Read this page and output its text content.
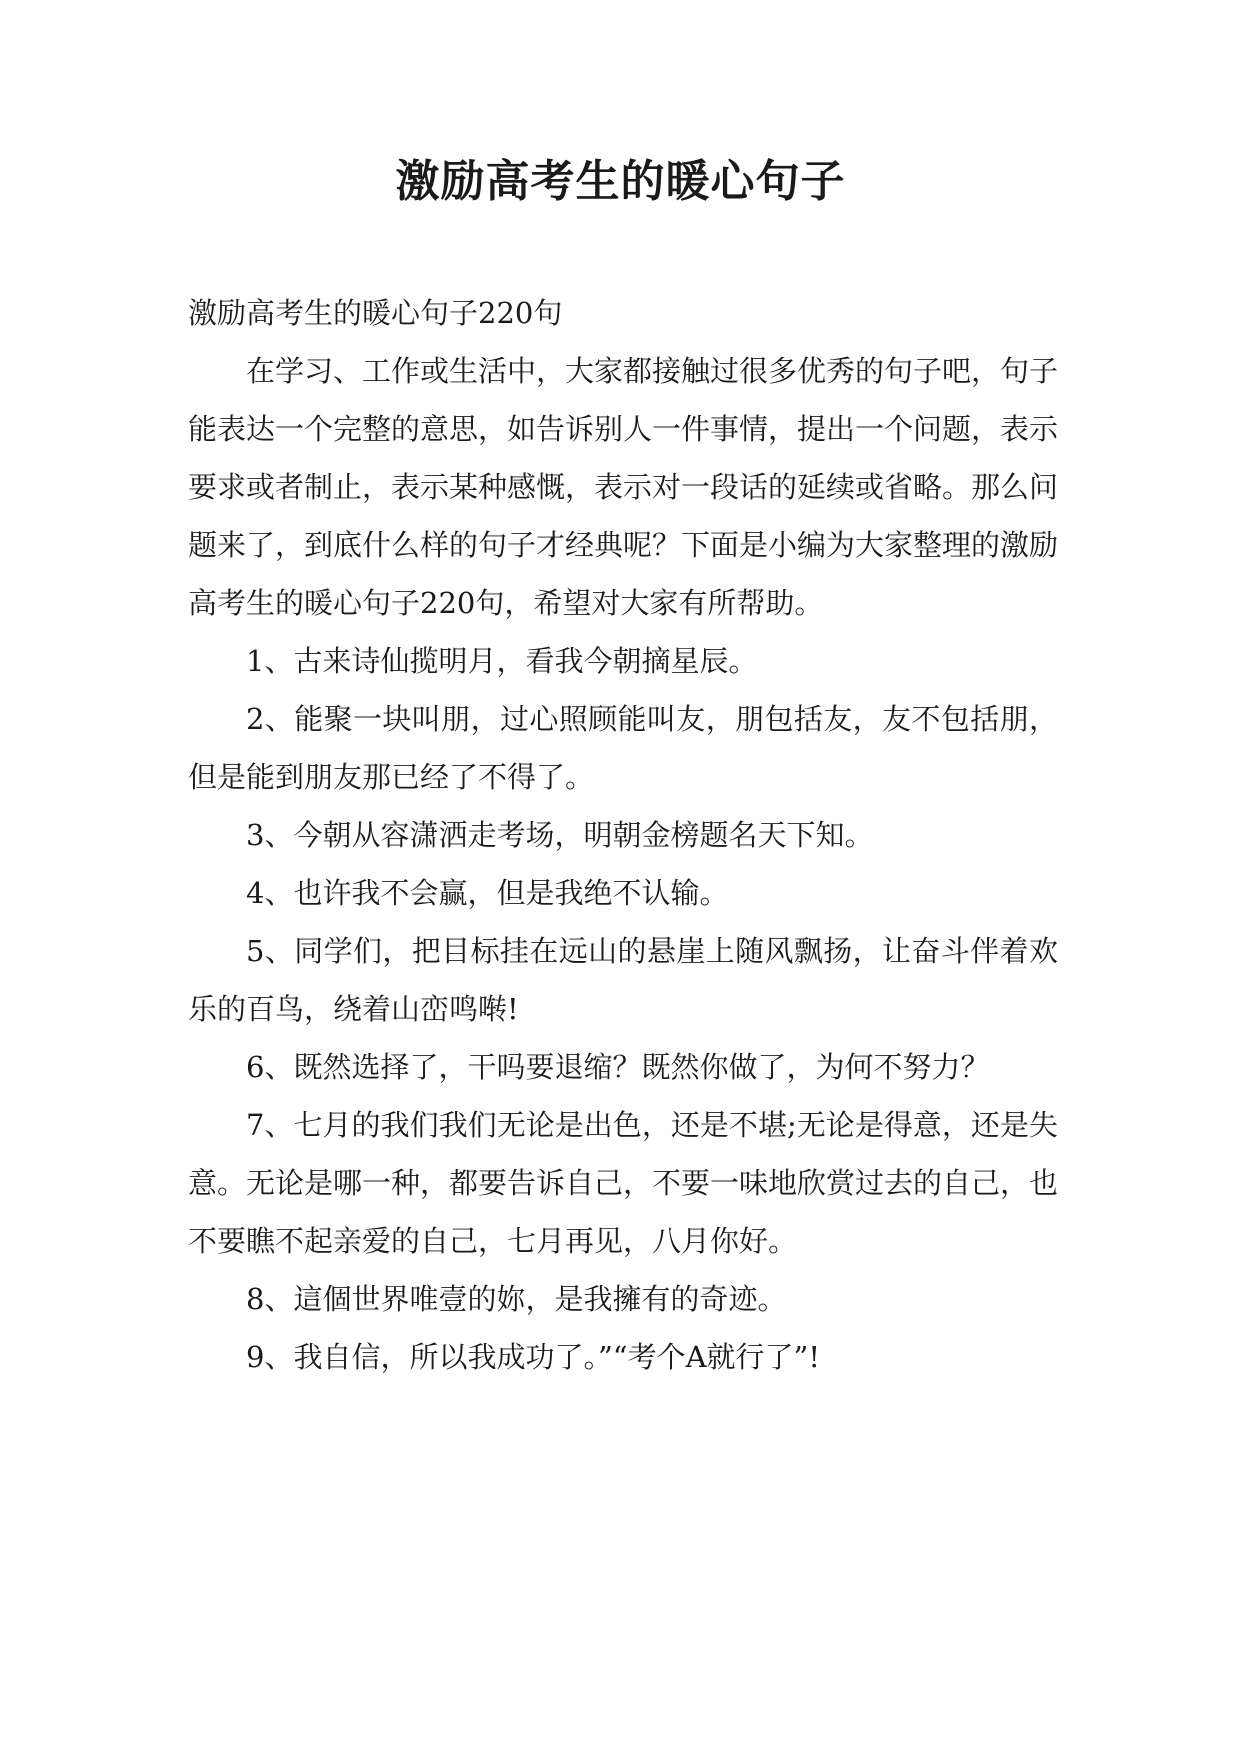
激励高考生的暖心句子

激励高考生的暖心句子220句

在学习、工作或生活中，大家都接触过很多优秀的句子吧，句子能表达一个完整的意思，如告诉别人一件事情，提出一个问题，表示要求或者制止，表示某种感慨，表示对一段话的延续或省略。那么问题来了，到底什么样的句子才经典呢？下面是小编为大家整理的激励高考生的暖心句子220句，希望对大家有所帮助。

1、古来诗仙揽明月，看我今朝摘星辰。

2、能聚一块叫朋，过心照顾能叫友，朋包括友，友不包括朋，但是能到朋友那已经了不得了。

3、今朝从容潇洒走考场，明朝金榜题名天下知。

4、也许我不会赢，但是我绝不认输。

5、同学们，把目标挂在远山的悬崖上随风飘扬，让奋斗伴着欢乐的百鸟，绕着山峦鸣啭!

6、既然选择了，干吗要退缩？既然你做了，为何不努力？

7、七月的我们我们无论是出色，还是不堪;无论是得意，还是失意。无论是哪一种，都要告诉自己，不要一味地欣赏过去的自己，也不要瞧不起亲爱的自己，七月再见，八月你好。

8、這個世界唯壹的妳，是我擁有的奇迹。

9、我自信，所以我成功了。”“考个A就行了”!
